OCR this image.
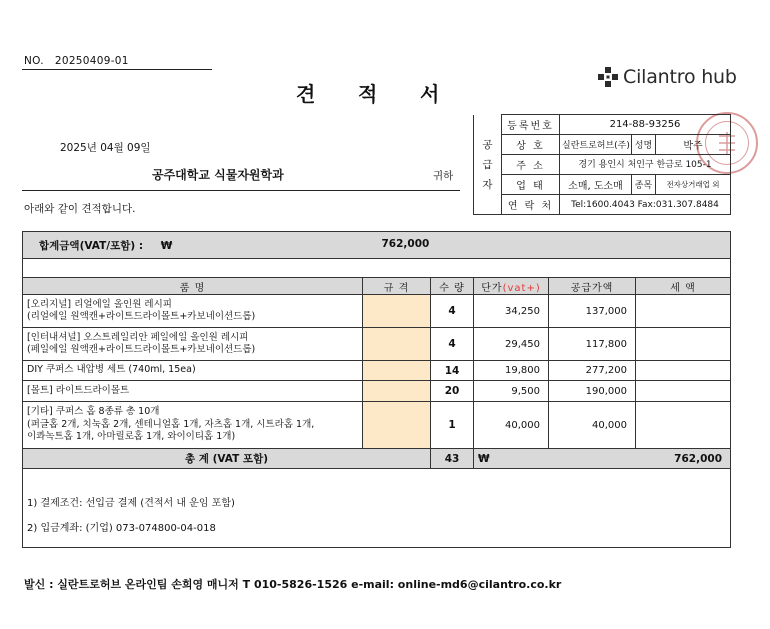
NO. 20250409-01
견 적 서
Cilantro hub
2025년 04월 09일
공주대학교 식물자원학과	귀하
아래와 같이 견적합니다.
	등록번호	214-88-93256		
공	상 호	실란트로허브(주)	성명	박주
급	주 소	경기 용인시 처인구 한금로 105-1		
자	업 태	소매, 도소매	종목	전자상거래업 외
	연 락 처	Tel:1600.4043 Fax:031.307.8484		
합계금액(VAT/포함) : ₩ 762,000					

품 명	규 격	수 량	단가(vat+)	공급가액	세 액

[오리지널] 리얼에일 올인원 레시피
(리얼에일 원액캔+라이트드라이몰트+카보네이션드롭)		4	34,250	137,000	

[인터내셔널] 오스트레일리안 페일에일 올인원 레시피
(페일에일 원액캔+라이트드라이몰트+카보네이션드롭)		4	29,450	117,800	

DIY 쿠퍼스 내압병 세트 (740ml, 15ea)		14	19,800	277,200	

[몰트] 라이트드라이몰트		20	9,500	190,000	

[기타] 쿠퍼스 홉 8종류 총 10개
(퍼글홉 2개, 치눅홉 2개, 센테니얼홉 1개, 자츠홉 1개, 시트라홉 1개,
이콰녹트홉 1개, 아마릴로홉 1개, 와이이티홉 1개)		1	40,000	40,000	
총 계 (VAT 포함)		43	₩ 762,000		

1) 결제조건: 선입금 결제 (견적서 내 운임 포함)
2) 입금계좌: (기업) 073-074800-04-018					
발신 : 실란트로허브 온라인팀 손희영 매니저 T 010-5826-1526 e-mail: online-md6@cilantro.co.kr
